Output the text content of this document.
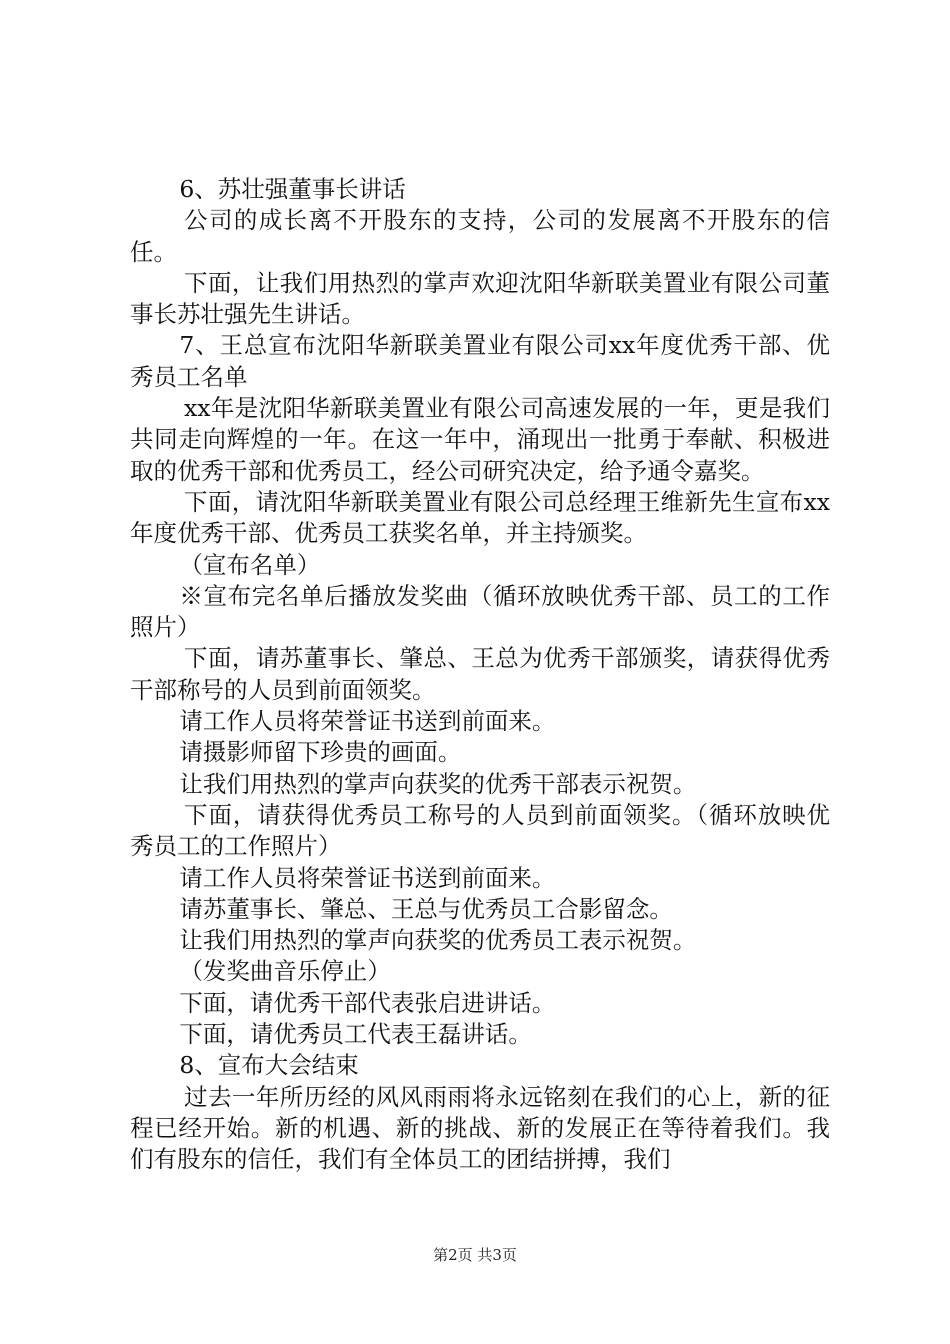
6、苏壮强董事长讲话

公司的成长离不开股东的支持，公司的发展离不开股东的信任。

下面，让我们用热烈的掌声欢迎沈阳华新联美置业有限公司董事长苏壮强先生讲话。

7、王总宣布沈阳华新联美置业有限公司xx年度优秀干部、优秀员工名单

xx年是沈阳华新联美置业有限公司高速发展的一年，更是我们共同走向辉煌的一年。在这一年中，涌现出一批勇于奉献、积极进取的优秀干部和优秀员工，经公司研究决定，给予通令嘉奖。

下面，请沈阳华新联美置业有限公司总经理王维新先生宣布xx年度优秀干部、优秀员工获奖名单，并主持颁奖。

（宣布名单）

※宣布完名单后播放发奖曲（循环放映优秀干部、员工的工作照片）

下面，请苏董事长、肇总、王总为优秀干部颁奖，请获得优秀干部称号的人员到前面领奖。

请工作人员将荣誉证书送到前面来。

请摄影师留下珍贵的画面。

让我们用热烈的掌声向获奖的优秀干部表示祝贺。

下面，请获得优秀员工称号的人员到前面领奖。（循环放映优秀员工的工作照片）

请工作人员将荣誉证书送到前面来。

请苏董事长、肇总、王总与优秀员工合影留念。

让我们用热烈的掌声向获奖的优秀员工表示祝贺。

（发奖曲音乐停止）

下面，请优秀干部代表张启进讲话。

下面，请优秀员工代表王磊讲话。

8、宣布大会结束

过去一年所历经的风风雨雨将永远铭刻在我们的心上，新的征程已经开始。新的机遇、新的挑战、新的发展正在等待着我们。我们有股东的信任，我们有全体员工的团结拼搏，我们

第2页 共3页
